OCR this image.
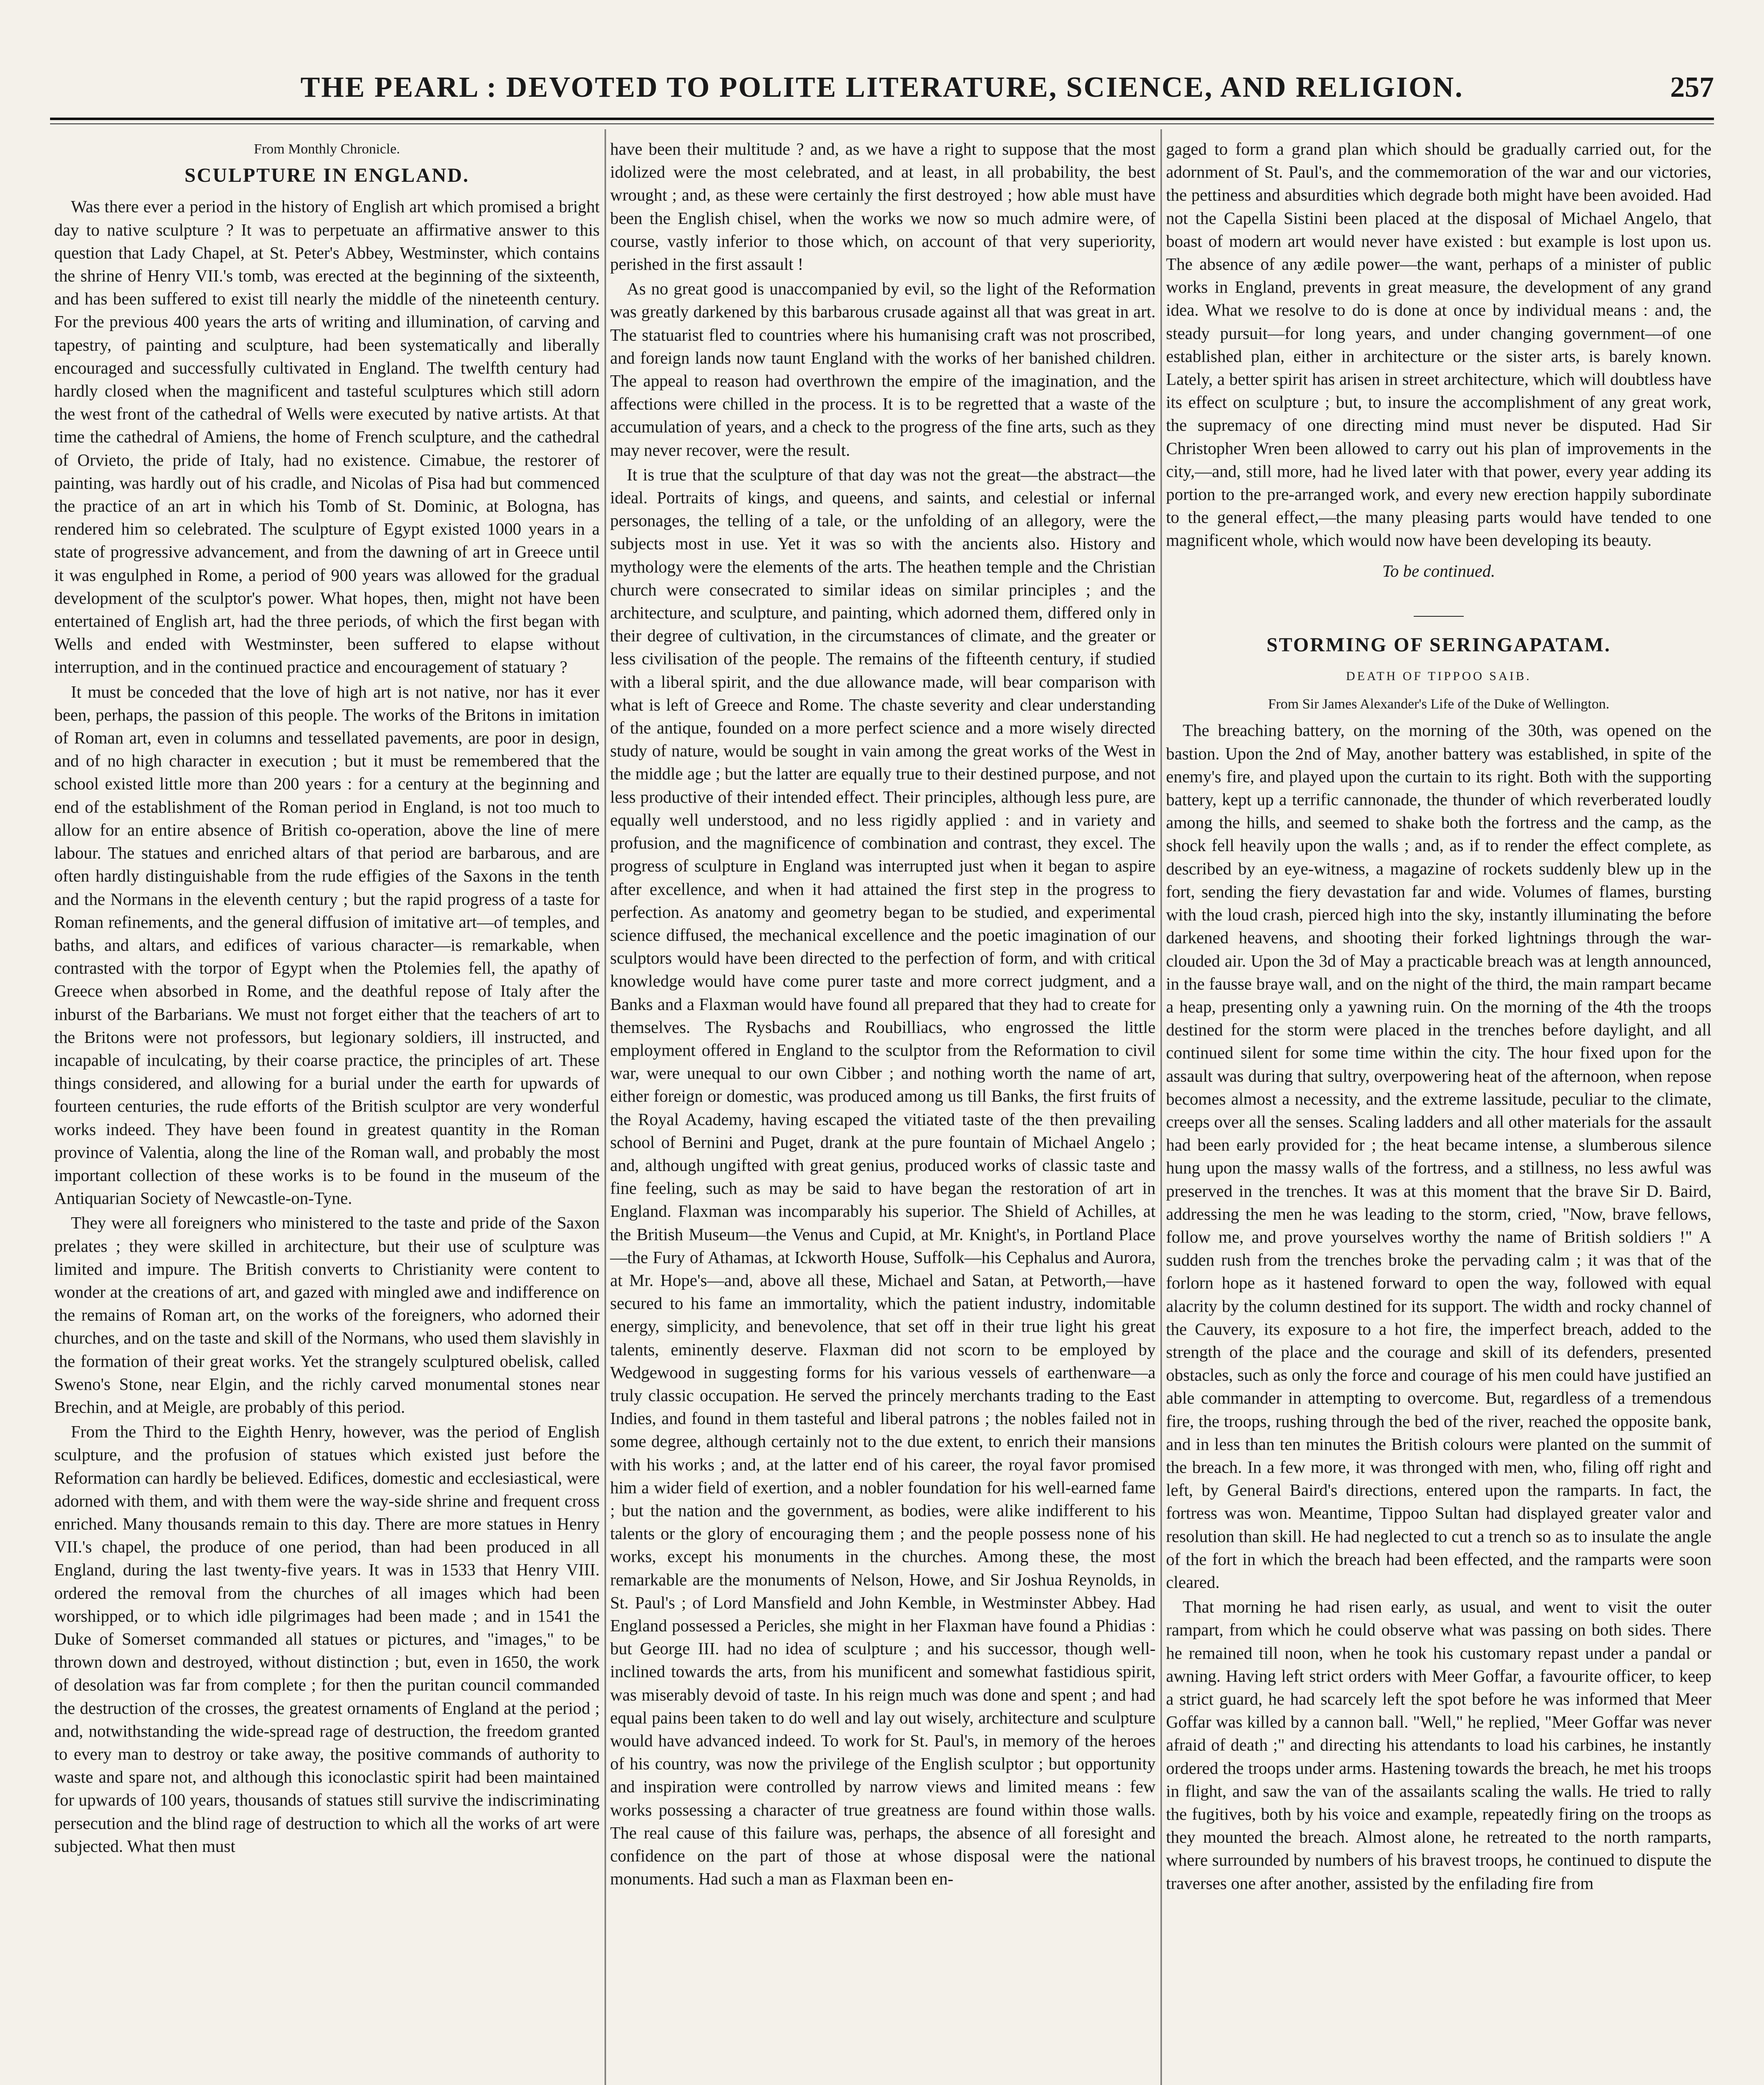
THE PEARL : DEVOTED TO POLITE LITERATURE, SCIENCE, AND RELIGION.	257
From Monthly Chronicle.
SCULPTURE IN ENGLAND.

Was there ever a period in the history of English art which promised a bright day to native sculpture ? It was to perpetuate an affirmative answer to this question that Lady Chapel, at St. Peter's Abbey, Westminster, which contains the shrine of Henry VII.'s tomb, was erected at the beginning of the sixteenth, and has been suffered to exist till nearly the middle of the nineteenth century. For the previous 400 years the arts of writing and illumination, of carving and tapestry, of painting and sculpture, had been systematically and liberally encouraged and successfully cultivated in England. The twelfth century had hardly closed when the magnificent and tasteful sculptures which still adorn the west front of the cathedral of Wells were executed by native artists. At that time the cathedral of Amiens, the home of French sculpture, and the cathedral of Orvieto, the pride of Italy, had no existence. Cimabue, the restorer of painting, was hardly out of his cradle, and Nicolas of Pisa had but commenced the practice of an art in which his Tomb of St. Dominic, at Bologna, has rendered him so celebrated. The sculpture of Egypt existed 1000 years in a state of progressive advancement, and from the dawning of art in Greece until it was engulphed in Rome, a period of 900 years was allowed for the gradual development of the sculptor's power. What hopes, then, might not have been entertained of English art, had the three periods, of which the first began with Wells and ended with Westminster, been suffered to elapse without interruption, and in the continued practice and encouragement of statuary ?

It must be conceded that the love of high art is not native, nor has it ever been, perhaps, the passion of this people. The works of the Britons in imitation of Roman art, even in columns and tessellated pavements, are poor in design, and of no high character in execution ; but it must be remembered that the school existed little more than 200 years : for a century at the beginning and end of the establishment of the Roman period in England, is not too much to allow for an entire absence of British co-operation, above the line of mere labour. The statues and enriched altars of that period are barbarous, and are often hardly distinguishable from the rude effigies of the Saxons in the tenth and the Normans in the eleventh century ; but the rapid progress of a taste for Roman refinements, and the general diffusion of imitative art—of temples, and baths, and altars, and edifices of various character—is remarkable, when contrasted with the torpor of Egypt when the Ptolemies fell, the apathy of Greece when absorbed in Rome, and the deathful repose of Italy after the inburst of the Barbarians. We must not forget either that the teachers of art to the Britons were not professors, but legionary soldiers, ill instructed, and incapable of inculcating, by their coarse practice, the principles of art. These things considered, and allowing for a burial under the earth for upwards of fourteen centuries, the rude efforts of the British sculptor are very wonderful works indeed. They have been found in greatest quantity in the Roman province of Valentia, along the line of the Roman wall, and probably the most important collection of these works is to be found in the museum of the Antiquarian Society of Newcastle-on-Tyne.

They were all foreigners who ministered to the taste and pride of the Saxon prelates ; they were skilled in architecture, but their use of sculpture was limited and impure. The British converts to Christianity were content to wonder at the creations of art, and gazed with mingled awe and indifference on the remains of Roman art, on the works of the foreigners, who adorned their churches, and on the taste and skill of the Normans, who used them slavishly in the formation of their great works. Yet the strangely sculptured obelisk, called Sweno's Stone, near Elgin, and the richly carved monumental stones near Brechin, and at Meigle, are probably of this period.

From the Third to the Eighth Henry, however, was the period of English sculpture, and the profusion of statues which existed just before the Reformation can hardly be believed. Edifices, domestic and ecclesiastical, were adorned with them, and with them were the way-side shrine and frequent cross enriched. Many thousands remain to this day. There are more statues in Henry VII.'s chapel, the produce of one period, than had been produced in all England, during the last twenty-five years. It was in 1533 that Henry VIII. ordered the removal from the churches of all images which had been worshipped, or to which idle pilgrimages had been made ; and in 1541 the Duke of Somerset commanded all statues or pictures, and "images," to be thrown down and destroyed, without distinction ; but, even in 1650, the work of desolation was far from complete ; for then the puritan council commanded the destruction of the crosses, the greatest ornaments of England at the period ; and, notwithstanding the wide-spread rage of destruction, the freedom granted to every man to destroy or take away, the positive commands of authority to waste and spare not, and although this iconoclastic spirit had been maintained for upwards of 100 years, thousands of statues still survive the indiscriminating persecution and the blind rage of destruction to which all the works of art were subjected. What then must

have been their multitude ? and, as we have a right to suppose that the most idolized were the most celebrated, and at least, in all probability, the best wrought ; and, as these were certainly the first destroyed ; how able must have been the English chisel, when the works we now so much admire were, of course, vastly inferior to those which, on account of that very superiority, perished in the first assault !

As no great good is unaccompanied by evil, so the light of the Reformation was greatly darkened by this barbarous crusade against all that was great in art. The statuarist fled to countries where his humanising craft was not proscribed, and foreign lands now taunt England with the works of her banished children. The appeal to reason had overthrown the empire of the imagination, and the affections were chilled in the process. It is to be regretted that a waste of the accumulation of years, and a check to the progress of the fine arts, such as they may never recover, were the result.

It is true that the sculpture of that day was not the great—the abstract—the ideal. Portraits of kings, and queens, and saints, and celestial or infernal personages, the telling of a tale, or the unfolding of an allegory, were the subjects most in use. Yet it was so with the ancients also. History and mythology were the elements of the arts. The heathen temple and the Christian church were consecrated to similar ideas on similar principles ; and the architecture, and sculpture, and painting, which adorned them, differed only in their degree of cultivation, in the circumstances of climate, and the greater or less civilisation of the people. The remains of the fifteenth century, if studied with a liberal spirit, and the due allowance made, will bear comparison with what is left of Greece and Rome. The chaste severity and clear understanding of the antique, founded on a more perfect science and a more wisely directed study of nature, would be sought in vain among the great works of the West in the middle age ; but the latter are equally true to their destined purpose, and not less productive of their intended effect. Their principles, although less pure, are equally well understood, and no less rigidly applied : and in variety and profusion, and the magnificence of combination and contrast, they excel. The progress of sculpture in England was interrupted just when it began to aspire after excellence, and when it had attained the first step in the progress to perfection. As anatomy and geometry began to be studied, and experimental science diffused, the mechanical excellence and the poetic imagination of our sculptors would have been directed to the perfection of form, and with critical knowledge would have come purer taste and more correct judgment, and a Banks and a Flaxman would have found all prepared that they had to create for themselves. The Rysbachs and Roubilliacs, who engrossed the little employment offered in England to the sculptor from the Reformation to civil war, were unequal to our own Cibber ; and nothing worth the name of art, either foreign or domestic, was produced among us till Banks, the first fruits of the Royal Academy, having escaped the vitiated taste of the then prevailing school of Bernini and Puget, drank at the pure fountain of Michael Angelo ; and, although ungifted with great genius, produced works of classic taste and fine feeling, such as may be said to have began the restoration of art in England. Flaxman was incomparably his superior. The Shield of Achilles, at the British Museum—the Venus and Cupid, at Mr. Knight's, in Portland Place—the Fury of Athamas, at Ickworth House, Suffolk—his Cephalus and Aurora, at Mr. Hope's—and, above all these, Michael and Satan, at Petworth,—have secured to his fame an immortality, which the patient industry, indomitable energy, simplicity, and benevolence, that set off in their true light his great talents, eminently deserve. Flaxman did not scorn to be employed by Wedgewood in suggesting forms for his various vessels of earthenware—a truly classic occupation. He served the princely merchants trading to the East Indies, and found in them tasteful and liberal patrons ; the nobles failed not in some degree, although certainly not to the due extent, to enrich their mansions with his works ; and, at the latter end of his career, the royal favor promised him a wider field of exertion, and a nobler foundation for his well-earned fame ; but the nation and the government, as bodies, were alike indifferent to his talents or the glory of encouraging them ; and the people possess none of his works, except his monuments in the churches. Among these, the most remarkable are the monuments of Nelson, Howe, and Sir Joshua Reynolds, in St. Paul's ; of Lord Mansfield and John Kemble, in Westminster Abbey. Had England possessed a Pericles, she might in her Flaxman have found a Phidias : but George III. had no idea of sculpture ; and his successor, though well-inclined towards the arts, from his munificent and somewhat fastidious spirit, was miserably devoid of taste. In his reign much was done and spent ; and had equal pains been taken to do well and lay out wisely, architecture and sculpture would have advanced indeed. To work for St. Paul's, in memory of the heroes of his country, was now the privilege of the English sculptor ; but opportunity and inspiration were controlled by narrow views and limited means : few works possessing a character of true greatness are found within those walls. The real cause of this failure was, perhaps, the absence of all foresight and confidence on the part of those at whose disposal were the national monuments. Had such a man as Flaxman been en-

gaged to form a grand plan which should be gradually carried out, for the adornment of St. Paul's, and the commemoration of the war and our victories, the pettiness and absurdities which degrade both might have been avoided. Had not the Capella Sistini been placed at the disposal of Michael Angelo, that boast of modern art would never have existed : but example is lost upon us. The absence of any ædile power—the want, perhaps of a minister of public works in England, prevents in great measure, the development of any grand idea. What we resolve to do is done at once by individual means : and, the steady pursuit—for long years, and under changing government—of one established plan, either in architecture or the sister arts, is barely known. Lately, a better spirit has arisen in street architecture, which will doubtless have its effect on sculpture ; but, to insure the accomplishment of any great work, the supremacy of one directing mind must never be disputed. Had Sir Christopher Wren been allowed to carry out his plan of improvements in the city,—and, still more, had he lived later with that power, every year adding its portion to the pre-arranged work, and every new erection happily subordinate to the general effect,—the many pleasing parts would have tended to one magnificent whole, which would now have been developing its beauty.

To be continued.
STORMING OF SERINGAPATAM.
DEATH OF TIPPOO SAIB.
From Sir James Alexander's Life of the Duke of Wellington.

The breaching battery, on the morning of the 30th, was opened on the bastion. Upon the 2nd of May, another battery was established, in spite of the enemy's fire, and played upon the curtain to its right. Both with the supporting battery, kept up a terrific cannonade, the thunder of which reverberated loudly among the hills, and seemed to shake both the fortress and the camp, as the shock fell heavily upon the walls ; and, as if to render the effect complete, as described by an eye-witness, a magazine of rockets suddenly blew up in the fort, sending the fiery devastation far and wide. Volumes of flames, bursting with the loud crash, pierced high into the sky, instantly illuminating the before darkened heavens, and shooting their forked lightnings through the war-clouded air. Upon the 3d of May a practicable breach was at length announced, in the fausse braye wall, and on the night of the third, the main rampart became a heap, presenting only a yawning ruin. On the morning of the 4th the troops destined for the storm were placed in the trenches before daylight, and all continued silent for some time within the city. The hour fixed upon for the assault was during that sultry, overpowering heat of the afternoon, when repose becomes almost a necessity, and the extreme lassitude, peculiar to the climate, creeps over all the senses. Scaling ladders and all other materials for the assault had been early provided for ; the heat became intense, a slumberous silence hung upon the massy walls of the fortress, and a stillness, no less awful was preserved in the trenches. It was at this moment that the brave Sir D. Baird, addressing the men he was leading to the storm, cried, "Now, brave fellows, follow me, and prove yourselves worthy the name of British soldiers !" A sudden rush from the trenches broke the pervading calm ; it was that of the forlorn hope as it hastened forward to open the way, followed with equal alacrity by the column destined for its support. The width and rocky channel of the Cauvery, its exposure to a hot fire, the imperfect breach, added to the strength of the place and the courage and skill of its defenders, presented obstacles, such as only the force and courage of his men could have justified an able commander in attempting to overcome. But, regardless of a tremendous fire, the troops, rushing through the bed of the river, reached the opposite bank, and in less than ten minutes the British colours were planted on the summit of the breach. In a few more, it was thronged with men, who, filing off right and left, by General Baird's directions, entered upon the ramparts. In fact, the fortress was won. Meantime, Tippoo Sultan had displayed greater valor and resolution than skill. He had neglected to cut a trench so as to insulate the angle of the fort in which the breach had been effected, and the ramparts were soon cleared.

That morning he had risen early, as usual, and went to visit the outer rampart, from which he could observe what was passing on both sides. There he remained till noon, when he took his customary repast under a pandal or awning. Having left strict orders with Meer Goffar, a favourite officer, to keep a strict guard, he had scarcely left the spot before he was informed that Meer Goffar was killed by a cannon ball. "Well," he replied, "Meer Goffar was never afraid of death ;" and directing his attendants to load his carbines, he instantly ordered the troops under arms. Hastening towards the breach, he met his troops in flight, and saw the van of the assailants scaling the walls. He tried to rally the fugitives, both by his voice and example, repeatedly firing on the troops as they mounted the breach. Almost alone, he retreated to the north ramparts, where surrounded by numbers of his bravest troops, he continued to dispute the traverses one after another, assisted by the enfilading fire from
